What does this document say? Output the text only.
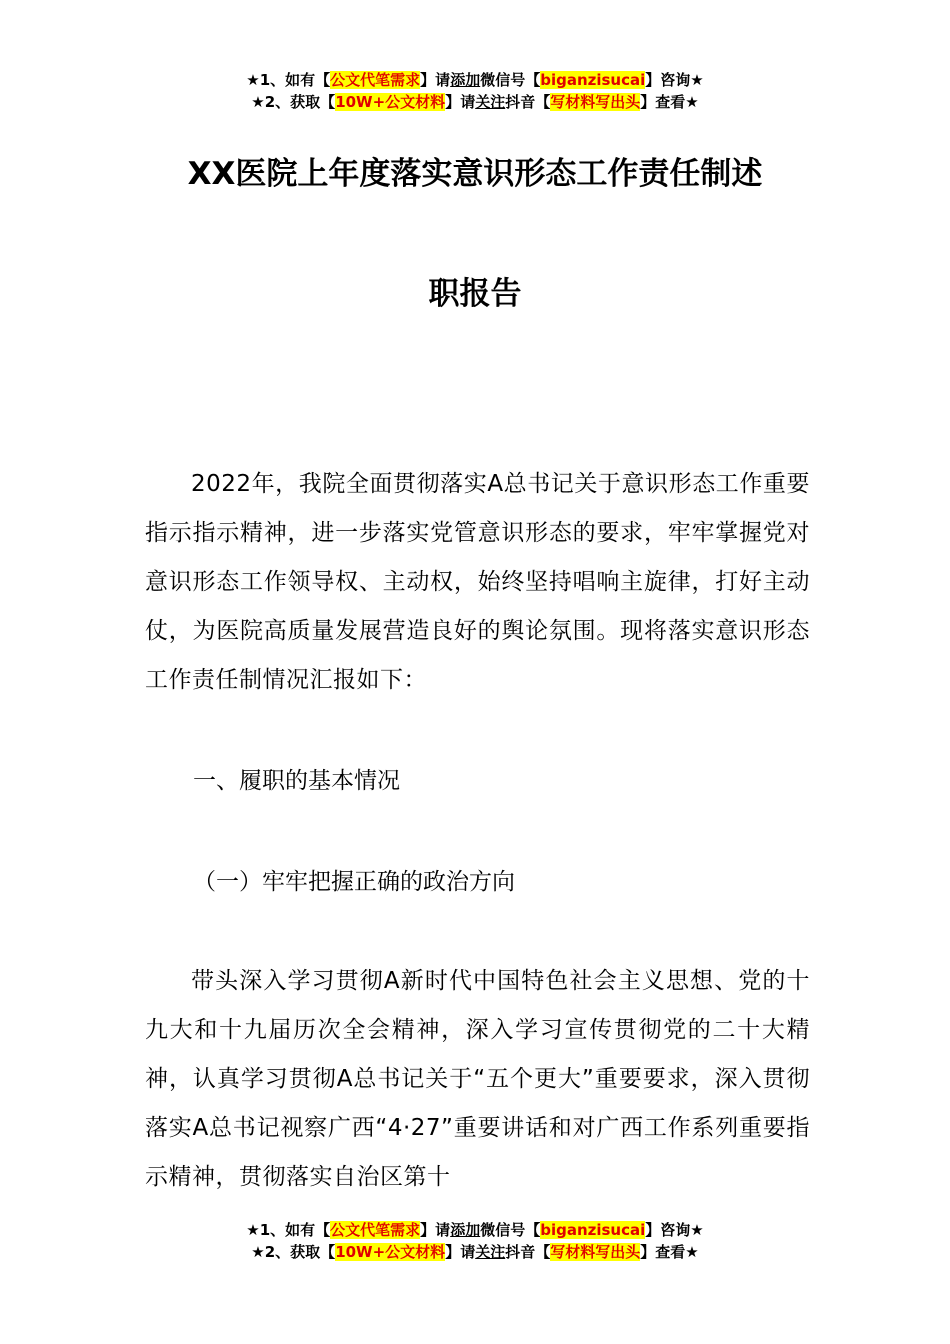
★1、如有【公文代笔需求】请添加微信号【biganzisucai】咨询★
★2、获取【10W+公文材料】请关注抖音【写材料写出头】查看★
XX医院上年度落实意识形态工作责任制述
职报告

2022年，我院全面贯彻落实A总书记关于意识形态工作重要指示指示精神，进一步落实党管意识形态的要求，牢牢掌握党对意识形态工作领导权、主动权，始终坚持唱响主旋律，打好主动仗，为医院高质量发展营造良好的舆论氛围。现将落实意识形态工作责任制情况汇报如下：

一、履职的基本情况
（一）牢牢把握正确的政治方向

带头深入学习贯彻A新时代中国特色社会主义思想、党的十九大和十九届历次全会精神，深入学习宣传贯彻党的二十大精神，认真学习贯彻A总书记关于“五个更大”重要要求，深入贯彻落实A总书记视察广西“4·27”重要讲话和对广西工作系列重要指示精神，贯彻落实自治区第十

★1、如有【公文代笔需求】请添加微信号【biganzisucai】咨询★
★2、获取【10W+公文材料】请关注抖音【写材料写出头】查看★
